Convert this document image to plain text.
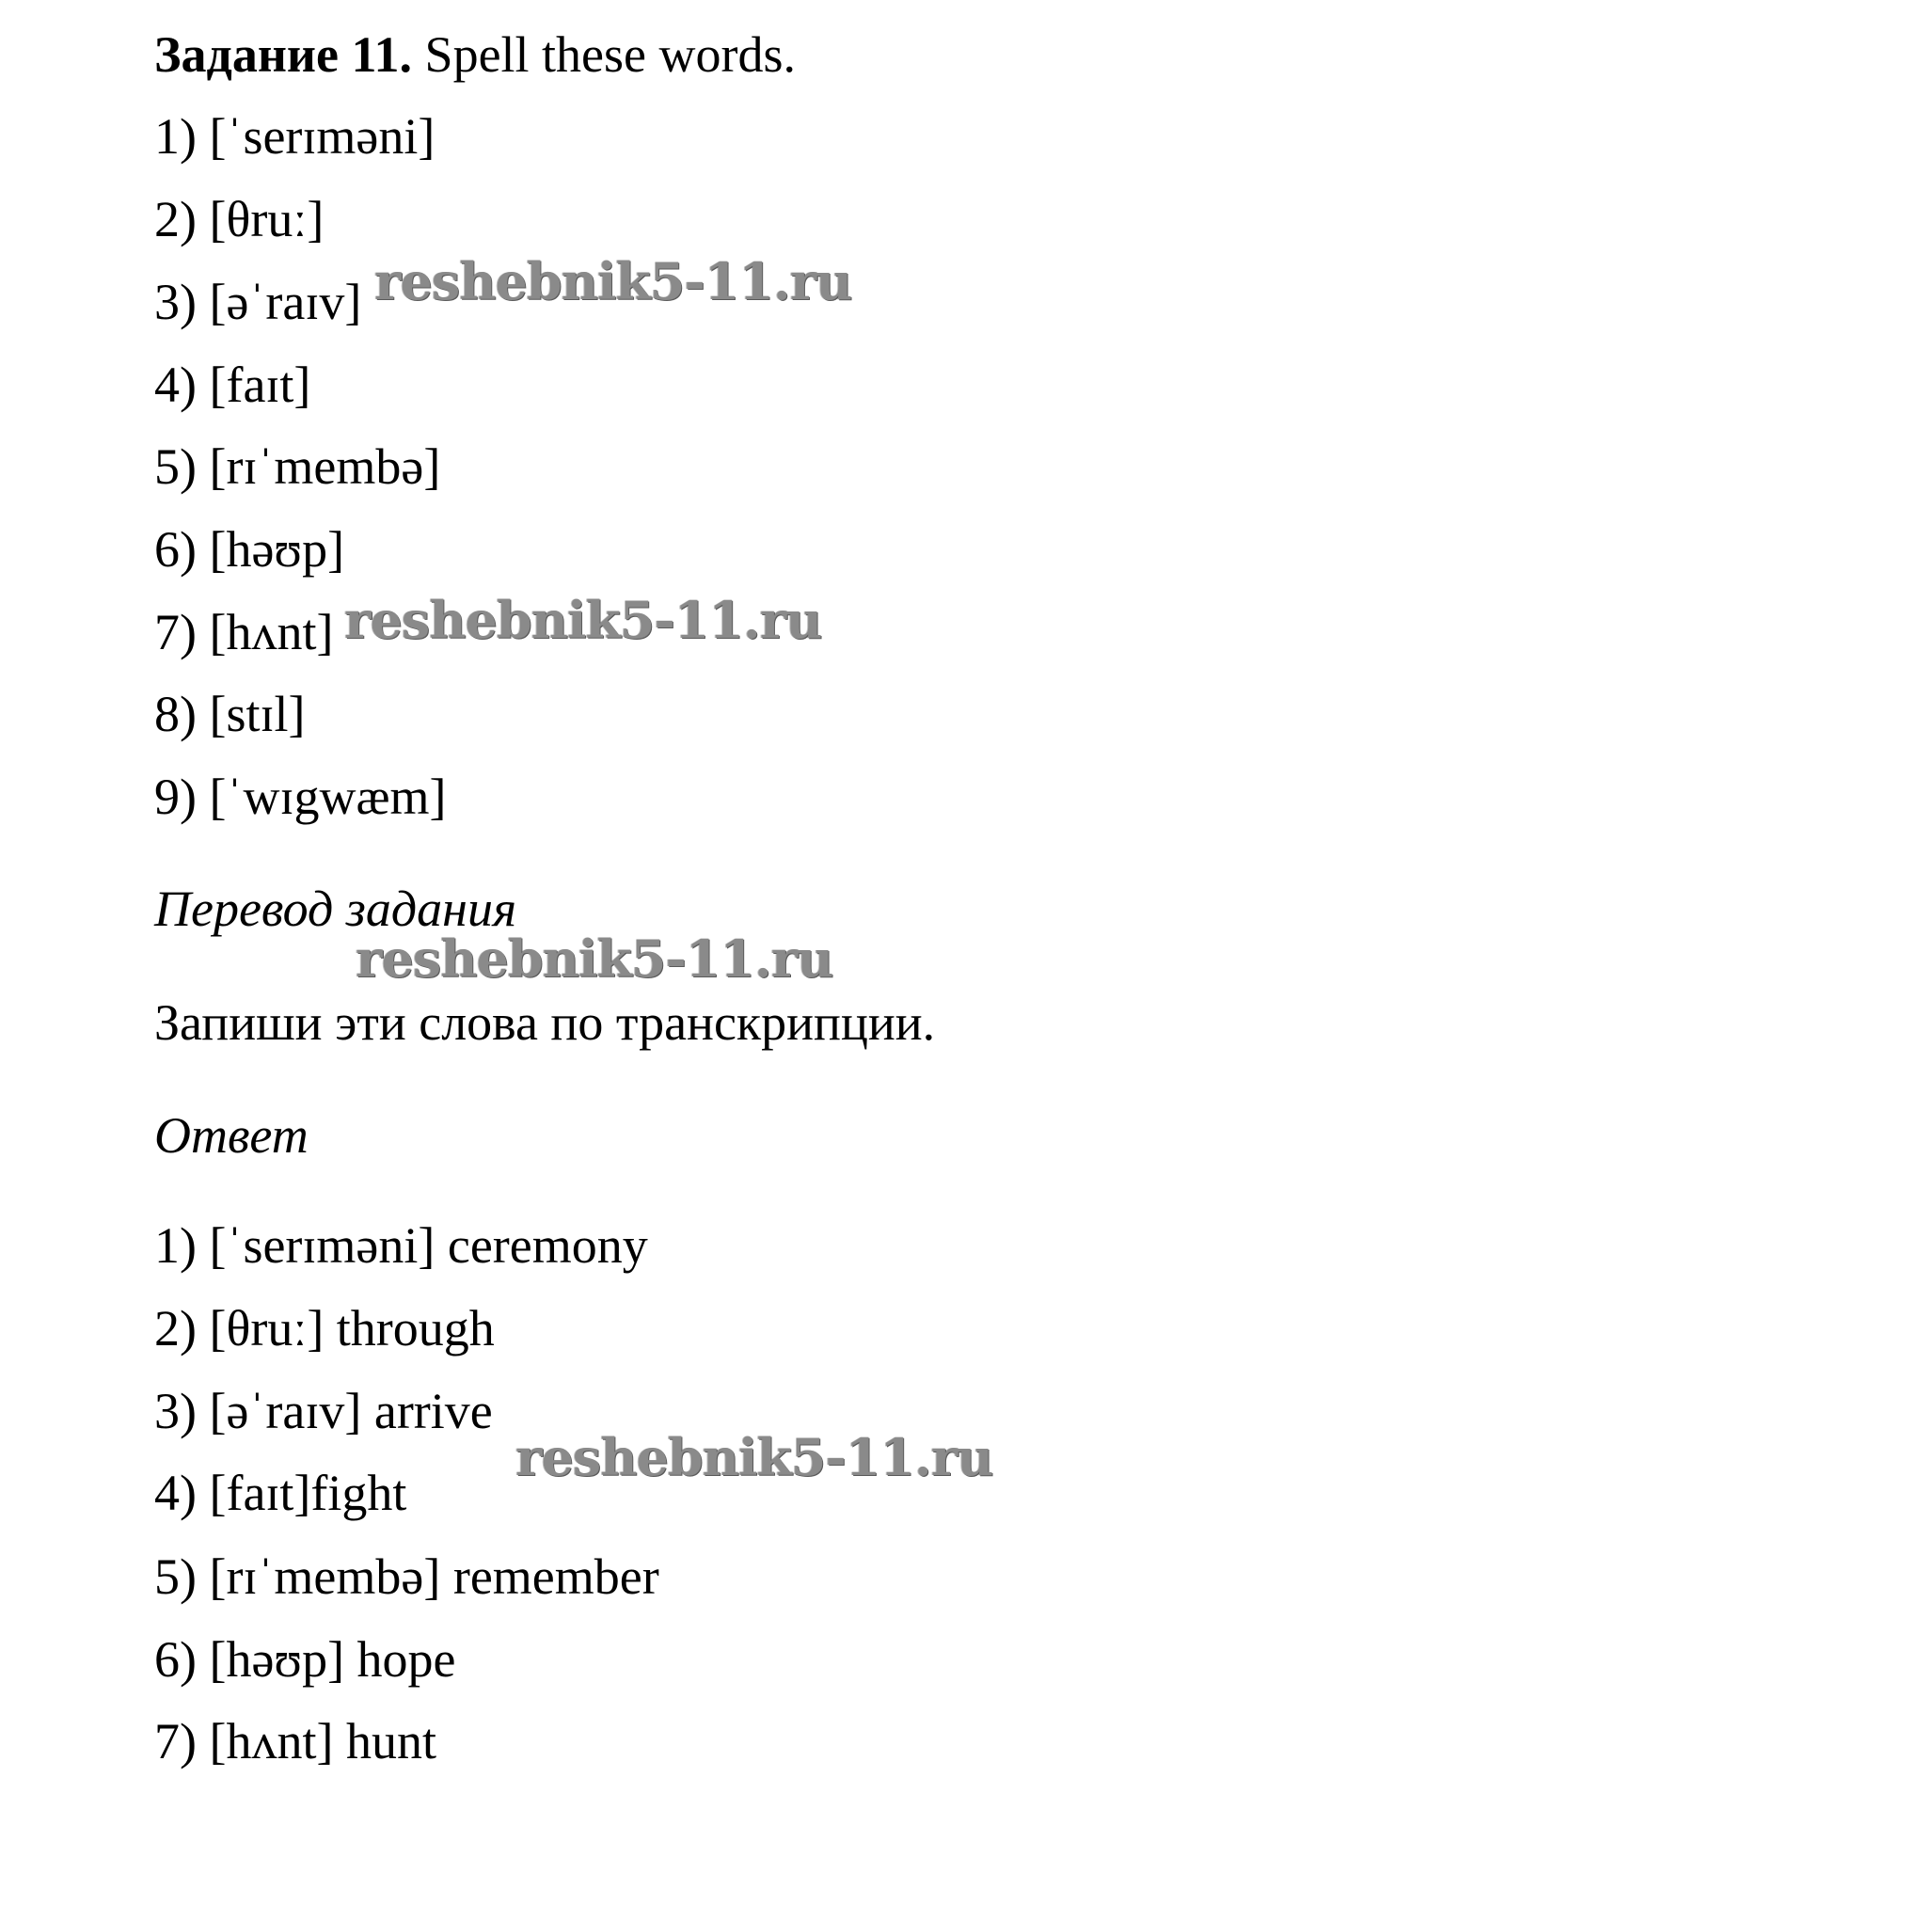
Задание 11. Spell these words.
1) [ˈserɪməni]
2) [θruː]
3) [əˈraɪv]
4) [faɪt]
5) [rɪˈmembə]
6) [həʊp]
7) [hʌnt]
8) [stɪl]
9) [ˈwɪgwæm]
Перевод задания
Запиши эти слова по транскрипции.
Ответ
1) [ˈserɪməni] ceremony
2) [θruː] through
3) [əˈraɪv] arrive
4) [faɪt]fight
5) [rɪˈmembə] remember
6) [həʊp] hope
7) [hʌnt] hunt
reshebnik5-11.ru
reshebnik5-11.ru
reshebnik5-11.ru
reshebnik5-11.ru
